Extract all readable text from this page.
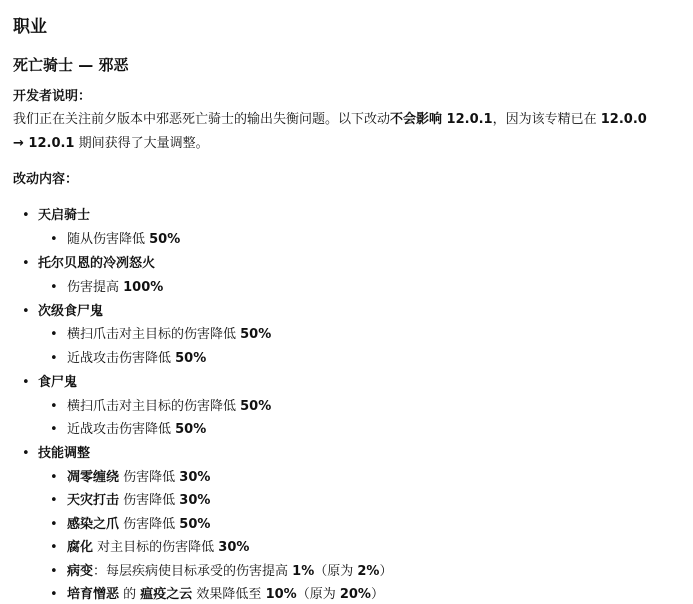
职业
死亡骑士 — 邪恶
开发者说明：
我们正在关注前夕版本中邪恶死亡骑士的输出失衡问题。以下改动不会影响 12.0.1，因为该专精已在 12.0.0
→ 12.0.1 期间获得了大量调整。
改动内容：
• 天启骑士
• 随从伤害降低 50%
• 托尔贝恩的冷冽怒火
• 伤害提高 100%
• 次级食尸鬼
• 横扫爪击对主目标的伤害降低 50%
• 近战攻击伤害降低 50%
• 食尸鬼
• 横扫爪击对主目标的伤害降低 50%
• 近战攻击伤害降低 50%
• 技能调整
• 凋零缠绕 伤害降低 30%
• 天灾打击 伤害降低 30%
• 感染之爪 伤害降低 50%
• 腐化 对主目标的伤害降低 30%
• 病变：每层疾病使目标承受的伤害提高 1%（原为 2%）
• 培育憎恶 的 瘟疫之云 效果降低至 10%（原为 20%）
